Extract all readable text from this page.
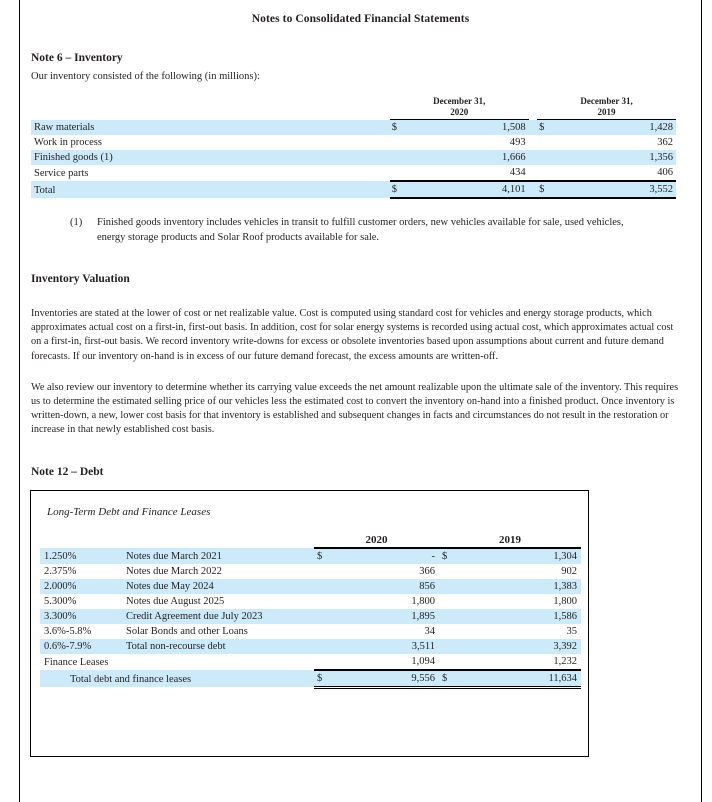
Notes to Consolidated Financial Statements
Note 6 – Inventory
Our inventory consisted of the following (in millions):

December 31,
2020

December 31,
2019

Raw materials	$	1,508		$	1,428
Work in process		493			362
Finished goods (1)		1,666			1,356
Service parts		434			406
Total	$	4,101		$	3,552
(1)	Finished goods inventory includes vehicles in transit to fulfill customer orders, new vehicles available for sale, used vehicles, energy storage products and Solar Roof products available for sale.
Inventory Valuation

Inventories are stated at the lower of cost or net realizable value. Cost is computed using standard cost for vehicles and energy storage products, which approximates actual cost on a first-in, first-out basis. In addition, cost for solar energy systems is recorded using actual cost, which approximates actual cost on a first-in, first-out basis. We record inventory write-downs for excess or obsolete inventories based upon assumptions about current and future demand forecasts. If our inventory on-hand is in excess of our future demand forecast, the excess amounts are written-off.

We also review our inventory to determine whether its carrying value exceeds the net amount realizable upon the ultimate sale of the inventory. This requires us to determine the estimated selling price of our vehicles less the estimated cost to convert the inventory on-hand into a finished product. Once inventory is written-down, a new, lower cost basis for that inventory is established and subsequent changes in facts and circumstances do not result in the restoration or increase in that newly established cost basis.

Note 12 – Debt
Long-Term Debt and Finance Leases
		2020		2019	
1.250%	Notes due March 2021	$	-	$	1,304
2.375%	Notes due March 2022		366		902
2.000%	Notes due May 2024		856		1,383
5.300%	Notes due August 2025		1,800		1,800
3.300%	Credit Agreement due July 2023		1,895		1,586
3.6%-5.8%	Solar Bonds and other Loans		34		35
0.6%-7.9%	Total non-recourse debt		3,511		3,392
Finance Leases			1,094		1,232
Total debt and finance leases		$	9,556	$	11,634
